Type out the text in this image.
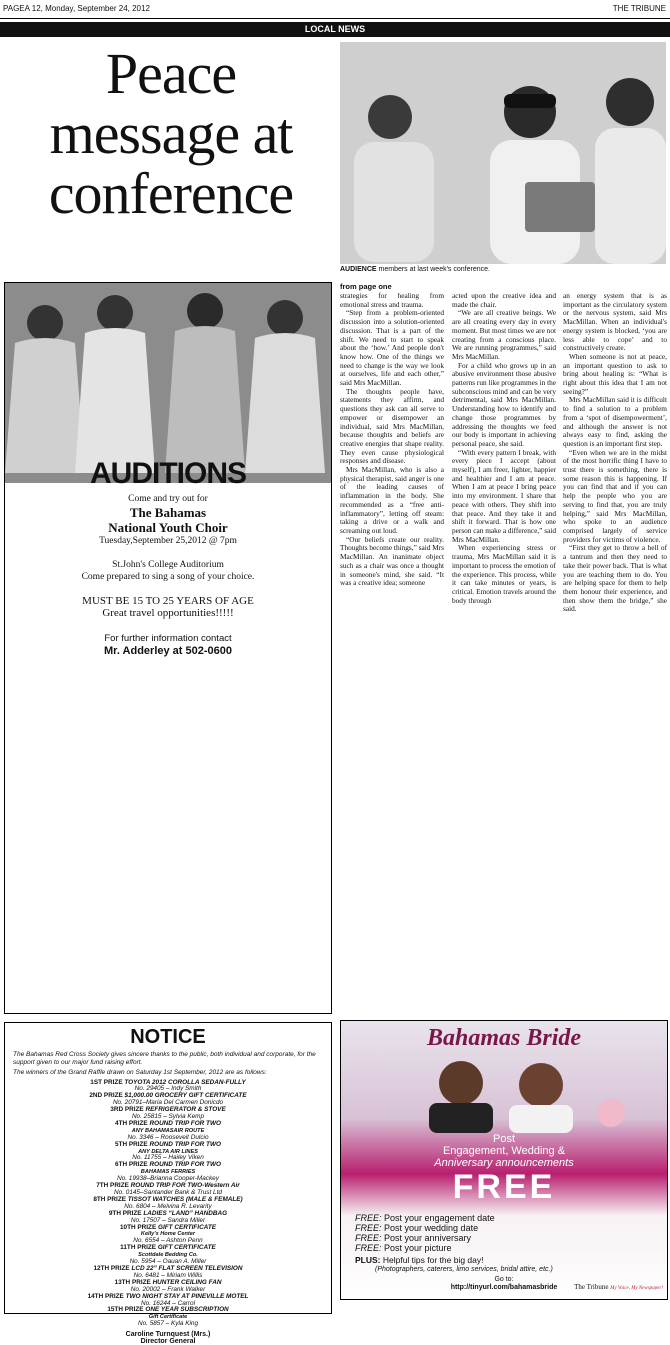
PAGEA 12, Monday, September 24, 2012	THE TRIBUNE
LOCAL NEWS
Peace message at conference
AUDIENCE members at last week's conference.
AUDITIONS
Come and try out for
The Bahamas
National Youth Choir
Tuesday,September 25,2012 @ 7pm
St.John's College Auditorium
Come prepared to sing a song of your choice.
MUST BE 15 TO 25 YEARS OF AGE
Great travel opportunities!!!!!
For further information contact
Mr. Adderley at 502-0600
from page one

strategies for healing from emotional stress and trauma.

“Step from a problem-oriented discussion into a solution-oriented discussion. That is a part of the shift. We need to start to speak about the ‘how.’ And people don't know how. One of the things we need to change is the way we look at ourselves, life and each other,” said Mrs MacMillan.

The thoughts people have, statements they affirm, and questions they ask can all serve to empower or disempower an individual, said Mrs MacMillan, because thoughts and beliefs are creative energies that shape reality. They even cause physiological responses and disease.

Mrs MacMillan, who is also a physical therapist, said anger is one of the leading causes of inflammation in the body. She recommended as a “free anti-inflammatory”, letting off steam: taking a drive or a walk and screaming out loud.

“Our beliefs create our reality. Thoughts become things,” said Mrs MacMillan. An inanimate object such as a chair was once a thought in someone's mind, she said. “It was a creative idea; someone

acted upon the creative idea and made the chair.

“We are all creative beings. We are all creating every day in every moment. But most times we are not creating from a conscious place. We are running programmes,” said Mrs MacMillan.

For a child who grows up in an abusive environment those abusive patterns run like programmes in the subconscious mind and can be very detrimental, said Mrs MacMillan. Understanding how to identify and change those programmes by addressing the thoughts we feed our body is important in achieving personal peace, she said.

“With every pattern I break, with every piece I accept (about myself), I am freer, lighter, happier and healthier and I am at peace. When I am at peace I bring peace into my environment. I share that peace with others. They shift into that peace. And they take it and shift it forward. That is how one person can make a difference,” said Mrs MacMillan.

When experiencing stress or trauma, Mrs MacMillan said it is important to process the emotion of the experience. This process, while it can take minutes or years, is critical. Emotion travels around the body through

an energy system that is as important as the circulatory system or the nervous system, said Mrs MacMillan. When an individual's energy system is blocked, ‘you are less able to cope’ and to constructively create.

When someone is not at peace, an important question to ask to bring about healing is: “What is right about this idea that I am not seeing?”

Mrs MacMillan said it is difficult to find a solution to a problem from a ‘spot of disempowerment’, and although the answer is not always easy to find, asking the question is an important first step.

“Even when we are in the midst of the most horrific thing I have to trust there is something, there is some reason this is happening. If you can find that and if you can help the people who you are serving to find that, you are truly helping,” said Mrs MacMillan, who spoke to an audience comprised largely of service providers for victims of violence.

“First they get to throw a hell of a tantrum and then they need to take their power back. That is what you are teaching them to do. You are helping space for them to help them honour their experience, and then show them the bridge,” she said.

NOTICE
The Bahamas Red Cross Society gives sincere thanks to the public, both individual and corporate, for the support given to our major fund raising effort.
The winners of the Grand Raffle drawn on Saturday 1st September, 2012 are as follows:
1ST PRIZE TOYOTA 2012 COROLLA SEDAN-FULLY
No. 29405 – Indy Smith
2ND PRIZE $1,000.00 GROCERY GIFT CERTIFICATE
No. 20791–Maria Del Carmen Donicdo
3RD PRIZE REFRIGERATOR & STOVE
No. 25815 – Sylvia Kemp
4TH PRIZE ROUND TRIP FOR TWO
ANY BAHAMASAIR ROUTE
No. 3346 – Rooseveit Dulcio
5TH PRIZE ROUND TRIP FOR TWO
ANY DELTA AIR LINES
No. 11755 – Hailey Viken
6TH PRIZE ROUND TRIP FOR TWO
BAHAMAS FERRIES
No. 19938–Brianna Cooper-Mackey
7TH PRIZE ROUND TRIP FOR TWO-Western Air
No. 0145–Santander Bank & Trust Ltd
8TH PRIZE TISSOT WATCHES (MALE & FEMALE)
No. 6804 – Melvina R. Levarity
9TH PRIZE LADIES “LAND” HANDBAG
No. 17507 – Sandra Miller
10TH PRIZE GIFT CERTIFICATE
Kelly's Home Center
No. 6554 – Ashton Penn
11TH PRIZE GIFT CERTIFICATE
Scottdale Bedding Co.
No. 5954 – Oauan A. Miller
12TH PRIZE LCD 22” FLAT SCREEN TELEVISION
No. 6481 – Miriam Willis
13TH PRIZE HUNTER CEILING FAN
No. 20002 – Frank Walker
14TH PRIZE TWO NIGHT STAY AT PINEVILLE MOTEL
No. 16244 – Carrol
15TH PRIZE ONE YEAR SUBSCRIPTION
Gift Certificate
No. 5857 – Kyla King
Caroline Turnquest (Mrs.)
Director General
Bahamas Bride
Post
Engagement, Wedding &
Anniversary announcements
FREE
FREE: Post your engagement date
FREE: Post your wedding date
FREE: Post your anniversary
FREE: Post your picture
PLUS: Helpful tips for the big day!
(Photographers, caterers, limo services, bridal attire, etc.)
Go to:
http://tinyurl.com/bahamasbride	The Tribune My Voice, My Newspaper!
